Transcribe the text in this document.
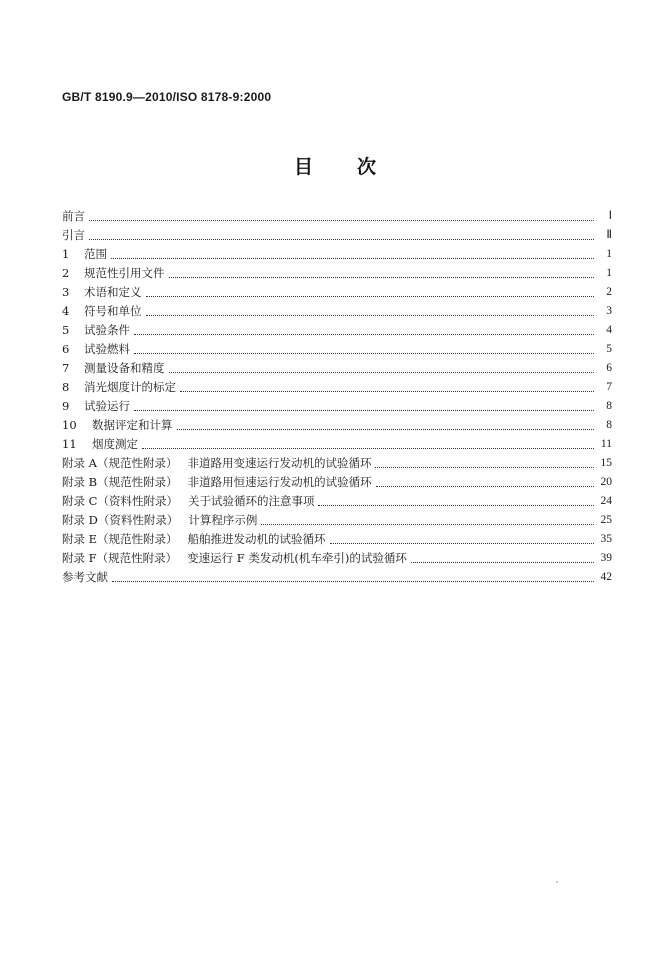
GB/T 8190.9—2010/ISO 8178-9:2000
目 次
前言	Ⅰ
引言	Ⅱ
1	范围	1
2	规范性引用文件	1
3	术语和定义	2
4	符号和单位	3
5	试验条件	4
6	试验燃料	5
7	测量设备和精度	6
8	消光烟度计的标定	7
9	试验运行	8
10	数据评定和计算	8
11	烟度测定	11
附录 A（规范性附录） 非道路用变速运行发动机的试验循环	15
附录 B（规范性附录） 非道路用恒速运行发动机的试验循环	20
附录 C（资料性附录） 关于试验循环的注意事项	24
附录 D（资料性附录） 计算程序示例	25
附录 E（规范性附录） 船舶推进发动机的试验循环	35
附录 F（规范性附录） 变速运行 F 类发动机(机车牵引)的试验循环	39
参考文献	42
